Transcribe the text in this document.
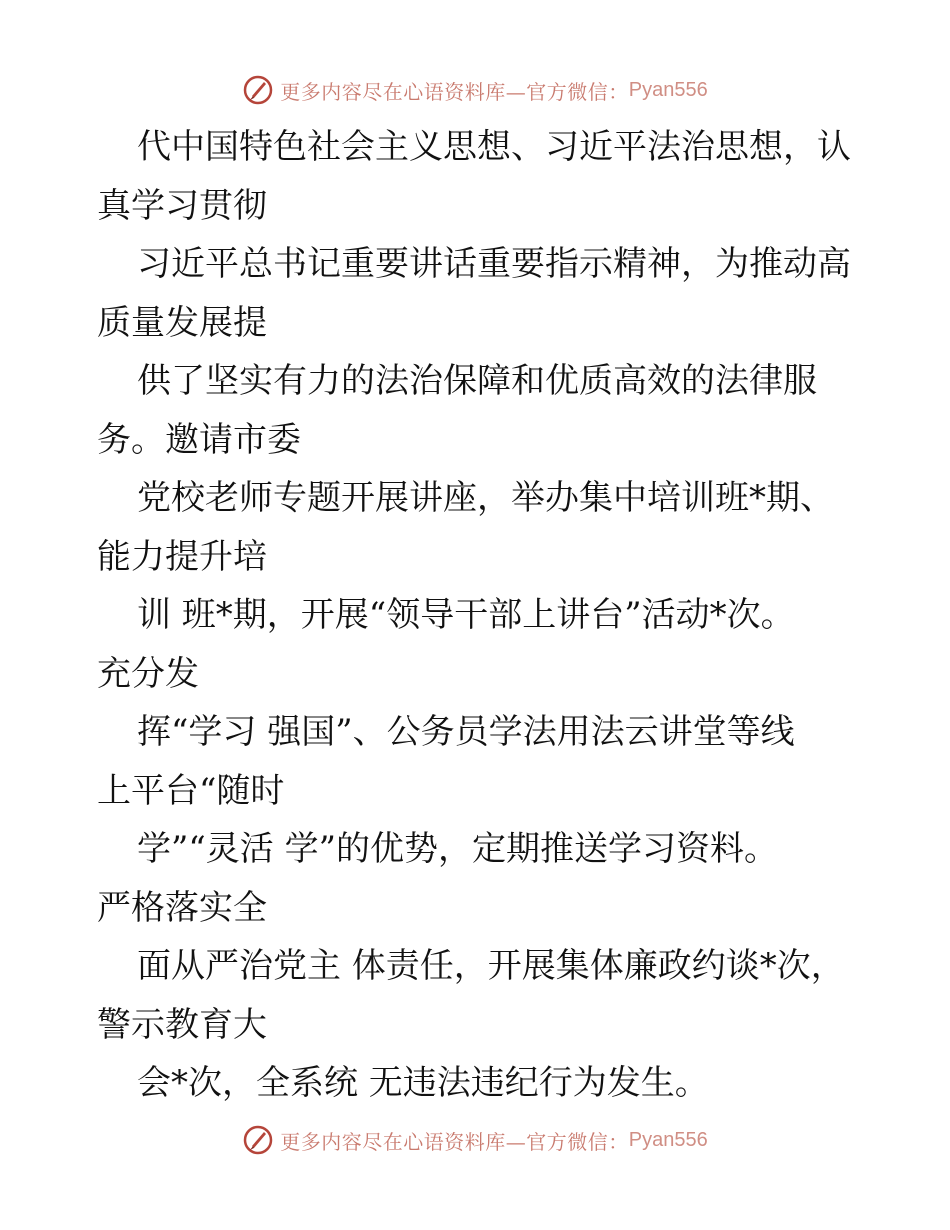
更多内容尽在心语资料库—官方微信： Pyan556
代中国特色社会主义思想、习近平法治思想，认
真学习贯彻
习近平总书记重要讲话重要指示精神，为推动高
质量发展提
供了坚实有力的法治保障和优质高效的法律服
务。邀请市委
党校老师专题开展讲座，举办集中培训班*期、
能力提升培
训 班*期，开展“领导干部上讲台”活动*次。
充分发
挥“学习 强国”、公务员学法用法云讲堂等线
上平台“随时
学”“灵活 学”的优势，定期推送学习资料。
严格落实全
面从严治党主 体责任，开展集体廉政约谈*次，
警示教育大
会*次，全系统 无违法违纪行为发生。
更多内容尽在心语资料库—官方微信： Pyan556
